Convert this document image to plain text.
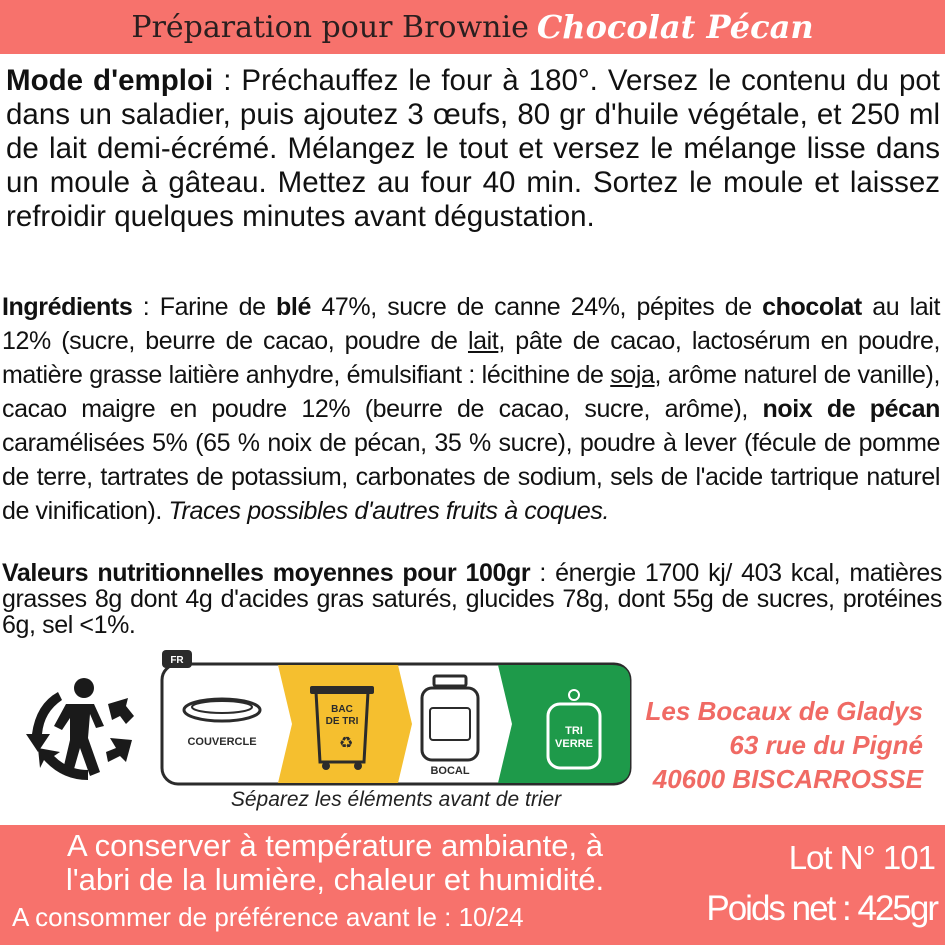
Préparation pour Brownie Chocolat Pécan
Mode d'emploi : Préchauffez le four à 180°. Versez le contenu du pot dans un saladier, puis ajoutez 3 œufs, 80 gr d'huile végétale, et 250 ml de lait demi-écrémé. Mélangez le tout et versez le mélange lisse dans un moule à gâteau. Mettez au four 40 min. Sortez le moule et laissez refroidir quelques minutes avant dégustation.
Ingrédients : Farine de blé 47%, sucre de canne 24%, pépites de chocolat au lait 12% (sucre, beurre de cacao, poudre de lait, pâte de cacao, lactosérum en poudre, matière grasse laitière anhydre, émulsifiant : lécithine de soja, arôme naturel de vanille), cacao maigre en poudre 12% (beurre de cacao, sucre, arôme), noix de pécan caramélisées 5% (65 % noix de pécan, 35 % sucre), poudre à lever (fécule de pomme de terre, tartrates de potassium, carbonates de sodium, sels de l'acide tartrique naturel de vinification). Traces possibles d'autres fruits à coques.
Valeurs nutritionnelles moyennes pour 100gr : énergie 1700 kj/ 403 kcal, matières grasses 8g dont 4g d'acides gras saturés, glucides 78g, dont 55g de sucres, protéines 6g, sel <1%.
FR
COUVERCLE
BAC
DE TRI
♻
BOCAL
TRI
VERRE
Séparez les éléments avant de trier
Les Bocaux de Gladys
63 rue du Pigné
40600 BISCARROSSE
A conserver à température ambiante, à
l'abri de la lumière, chaleur et humidité.
A consommer de préférence avant le : 10/24
Lot N° 101
Poids net : 425gr
